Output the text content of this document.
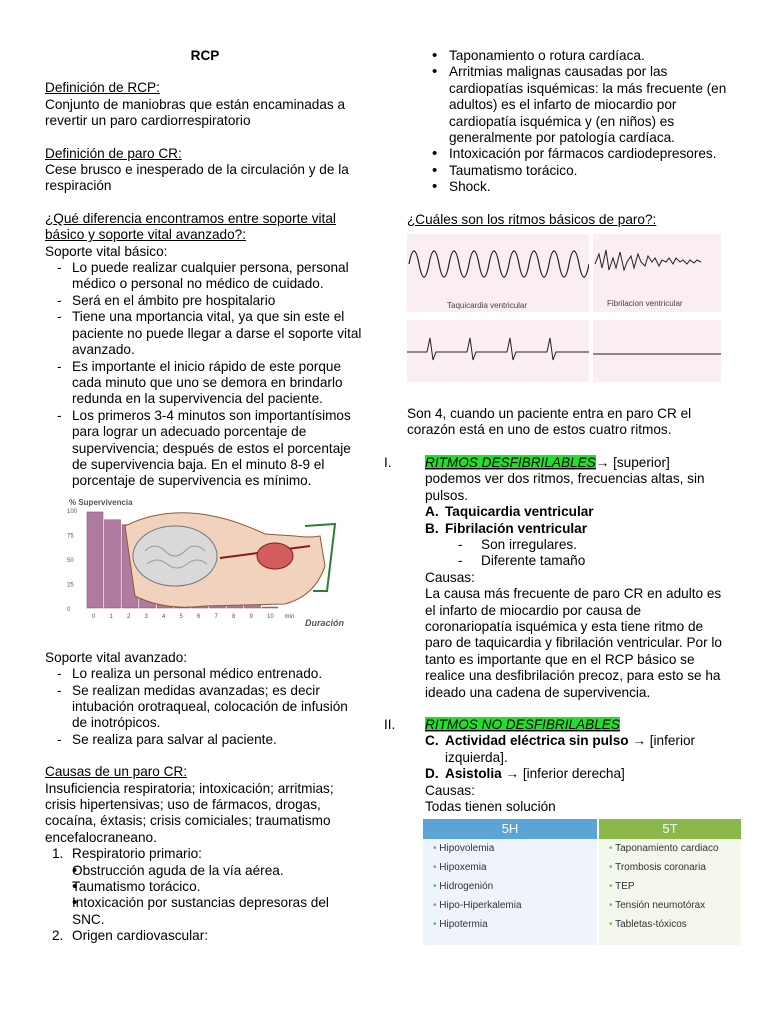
RCP

Definición de RCP:

Conjunto de maniobras que están encaminadas a revertir un paro cardiorrespiratorio

Definición de paro CR:

Cese brusco e inesperado de la circulación y de la respiración

¿Qué diferencia encontramos entre soporte vital básico y soporte vital avanzado?:

Soporte vital básico:

- Lo puede realizar cualquier persona, personal médico o personal no médico de cuidado.
- Será en el ámbito pre hospitalario
- Tiene una mportancia vital, ya que sin este el paciente no puede llegar a darse el soporte vital avanzado.
- Es importante el inicio rápido de este porque cada minuto que uno se demora en brindarlo redunda en la supervivencia del paciente.
- Los primeros 3-4 minutos son importantísimos para lograr un adecuado porcentaje de supervivencia; después de estos el porcentaje de supervivencia baja. En el minuto 8-9 el porcentaje de supervivencia es mínimo.
% Supervivencia
100
75
50
25
0
0 1 2 3 4 5 6 7 8 9 10 min
Duración

Soporte vital avanzado:

- Lo realiza un personal médico entrenado.
- Se realizan medidas avanzadas; es decir intubación orotraqueal, colocación de infusión de inotrópicos.
- Se realiza para salvar al paciente.

Causas de un paro CR:

Insuficiencia respiratoria; intoxicación; arritmias; crisis hipertensivas; uso de fármacos, drogas, cocaína, éxtasis; crisis comiciales; traumatismo encefalocraneano.

1. Respiratorio primario:
• Obstrucción aguda de la vía aérea.
• Taumatismo torácico.
• Intoxicación por sustancias depresoras del SNC.
2. Origen cardiovascular:
• Taponamiento o rotura cardíaca.
• Arritmias malignas causadas por las cardiopatías isquémicas: la más frecuente (en adultos) es el infarto de miocardio por cardiopatía isquémica y (en niños) es generalmente por patología cardíaca.
• Intoxicación por fármacos cardiodepresores.
• Taumatismo torácico.
• Shock.

¿Cuáles son los ritmos básicos de paro?:

Taquicardia ventricular	Fibrilacion ventricular

Son 4, cuando un paciente entra en paro CR el corazón está en uno de estos cuatro ritmos.

I. RITMOS DESFIBRILABLES→ [superior] podemos ver dos ritmos, frecuencias altas, sin pulsos.
A. Taquicardia ventricular
B. Fibrilación ventricular
- Son irregulares.
- Diferente tamaño

Causas:

La causa más frecuente de paro CR en adulto es el infarto de miocardio por causa de coronariopatía isquémica y esta tiene ritmo de paro de taquicardia y fibrilación ventricular. Por lo tanto es importante que en el RCP básico se realice una desfibrilación precoz, para esto se ha ideado una cadena de supervivencia.

II. RITMOS NO DESFIBRILABLES
C. Actividad eléctrica sin pulso → [inferior izquierda].
D. Asistolia → [inferior derecha]

Causas:

Todas tienen solución

5H
• Hipovolemia
• Hipoxemia
• Hidrogenión
• Hipo-Hiperkalemia
• Hipotermia
5T
• Taponamiento cardiaco
• Trombosis coronaria
• TEP
• Tensión neumotórax
• Tabletas-tóxicos
